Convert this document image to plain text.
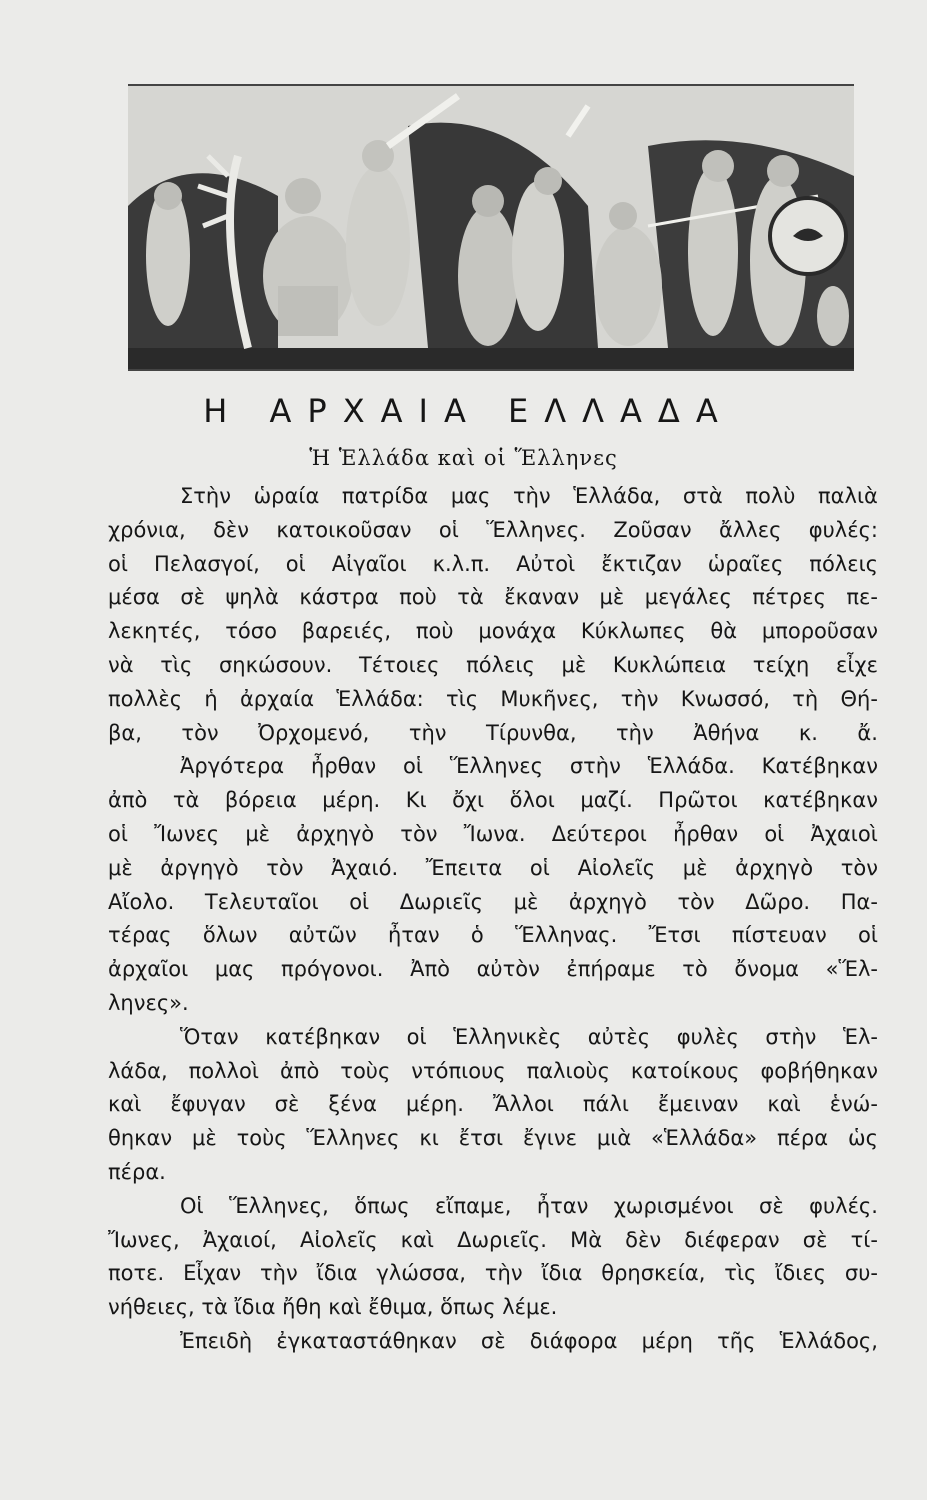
Η ΑΡΧΑΙΑ ΕΛΛΑΔΑ
Ἡ Ἑλλάδα καὶ οἱ Ἕλληνες
Στὴν ὡραία πατρίδα μας τὴν Ἑλλάδα, στὰ πολὺ παλιὰ
χρόνια, δὲν κατοικοῦσαν οἱ Ἕλληνες. Ζοῦσαν ἄλλες φυλές:
οἱ Πελασγοί, οἱ Αἰγαῖοι κ.λ.π. Αὐτοὶ ἔκτιζαν ὡραῖες πόλεις
μέσα σὲ ψηλὰ κάστρα ποὺ τὰ ἔκαναν μὲ μεγάλες πέτρες πε-
λεκητές, τόσο βαρειές, ποὺ μονάχα Κύκλωπες θὰ μποροῦσαν
νὰ τὶς σηκώσουν. Τέτοιες πόλεις μὲ Κυκλώπεια τείχη εἶχε
πολλὲς ἡ ἀρχαία Ἑλλάδα: τὶς Μυκῆνες, τὴν Κνωσσό, τὴ Θή-
βα, τὸν Ὀρχομενό, τὴν Τίρυνθα, τὴν Ἀθήνα κ. ἄ.
Ἀργότερα ἦρθαν οἱ Ἕλληνες στὴν Ἑλλάδα. Κατέβηκαν
ἀπὸ τὰ βόρεια μέρη. Κι ὄχι ὅλοι μαζί. Πρῶτοι κατέβηκαν
οἱ Ἴωνες μὲ ἀρχηγὸ τὸν Ἴωνα. Δεύτεροι ἦρθαν οἱ Ἀχαιοὶ
μὲ ἀργηγὸ τὸν Ἀχαιό. Ἔπειτα οἱ Αἰολεῖς μὲ ἀρχηγὸ τὸν
Αἴολο. Τελευταῖοι οἱ Δωριεῖς μὲ ἀρχηγὸ τὸν Δῶρο. Πα-
τέρας ὅλων αὐτῶν ἦταν ὁ Ἕλληνας. Ἔτσι πίστευαν οἱ
ἀρχαῖοι μας πρόγονοι. Ἀπὸ αὐτὸν ἐπήραμε τὸ ὄνομα «Ἕλ-
ληνες».
Ὅταν κατέβηκαν οἱ Ἑλληνικὲς αὐτὲς φυλὲς στὴν Ἑλ-
λάδα, πολλοὶ ἀπὸ τοὺς ντόπιους παλιοὺς κατοίκους φοβήθηκαν
καὶ ἔφυγαν σὲ ξένα μέρη. Ἄλλοι πάλι ἔμειναν καὶ ἑνώ-
θηκαν μὲ τοὺς Ἕλληνες κι ἔτσι ἔγινε μιὰ «Ἑλλάδα» πέρα ὡς
πέρα.
Οἱ Ἕλληνες, ὅπως εἴπαμε, ἦταν χωρισμένοι σὲ φυλές.
Ἴωνες, Ἀχαιοί, Αἰολεῖς καὶ Δωριεῖς. Μὰ δὲν διέφεραν σὲ τί-
ποτε. Εἶχαν τὴν ἴδια γλώσσα, τὴν ἴδια θρησκεία, τὶς ἴδιες συ-
νήθειες, τὰ ἴδια ἤθη καὶ ἔθιμα, ὅπως λέμε.
Ἐπειδὴ ἐγκαταστάθηκαν σὲ διάφορα μέρη τῆς Ἑλλάδος,
